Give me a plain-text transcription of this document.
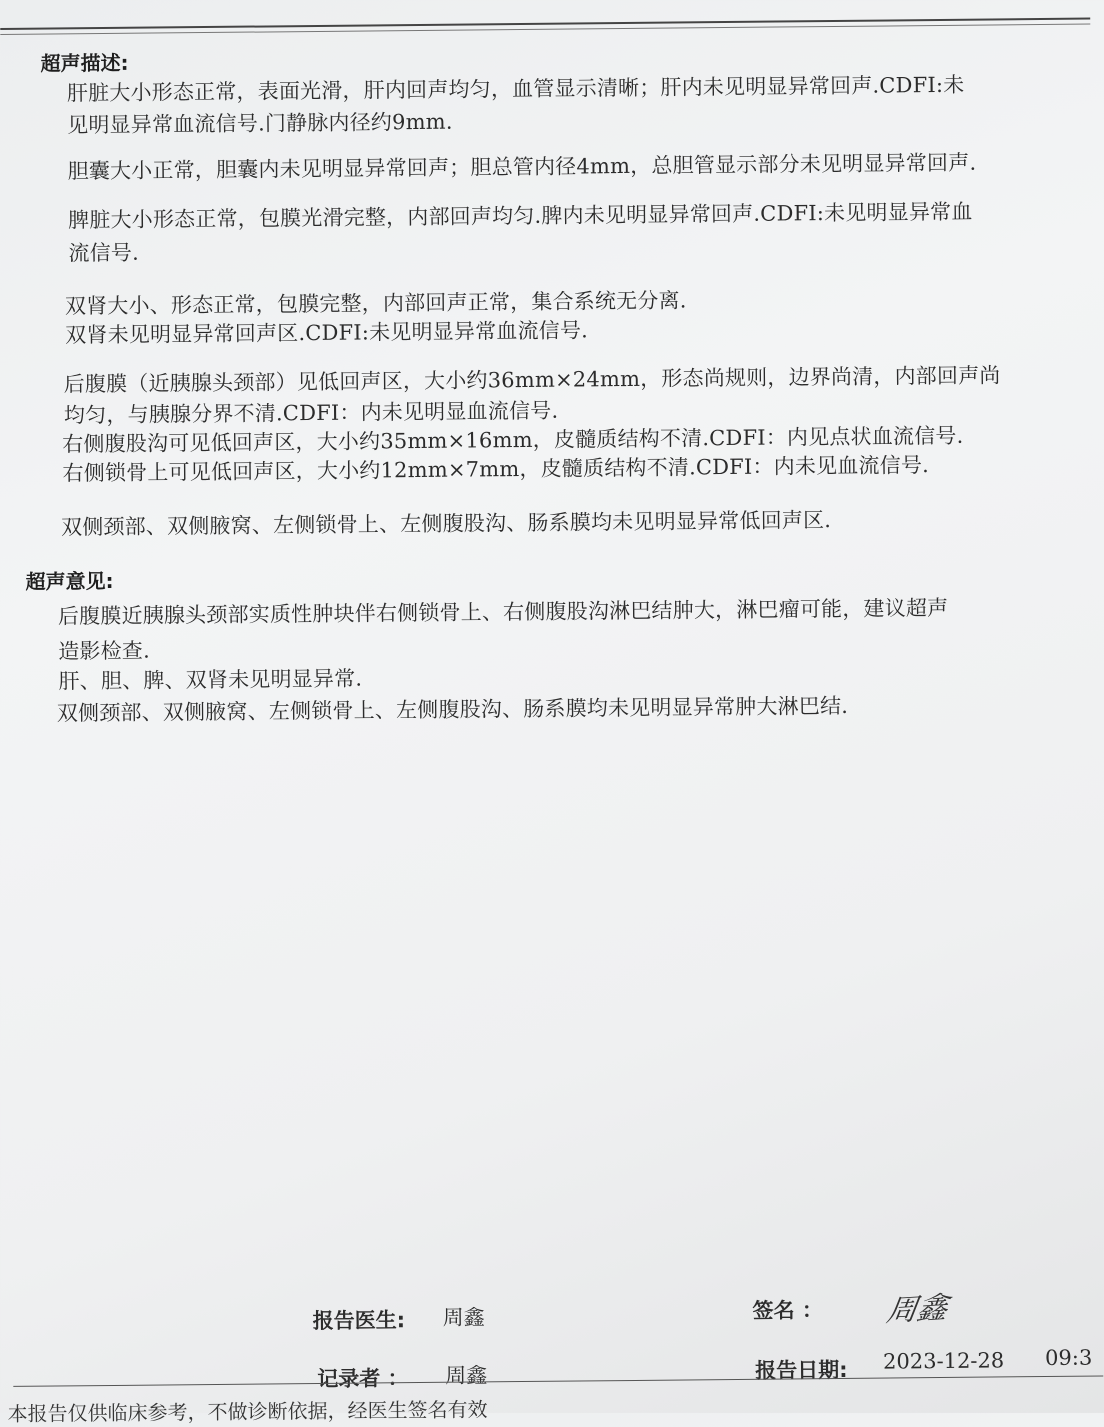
超声描述:
肝脏大小形态正常，表面光滑，肝内回声均匀，血管显示清晰；肝内未见明显异常回声.CDFI:未
见明显异常血流信号.门静脉内径约9mm.
胆囊大小正常，胆囊内未见明显异常回声；胆总管内径4mm，总胆管显示部分未见明显异常回声.
脾脏大小形态正常，包膜光滑完整，内部回声均匀.脾内未见明显异常回声.CDFI:未见明显异常血
流信号.
双肾大小、形态正常，包膜完整，内部回声正常，集合系统无分离.
双肾未见明显异常回声区.CDFI:未见明显异常血流信号.
后腹膜（近胰腺头颈部）见低回声区，大小约36mm×24mm，形态尚规则，边界尚清，内部回声尚
均匀，与胰腺分界不清.CDFI：内未见明显血流信号.
右侧腹股沟可见低回声区，大小约35mm×16mm，皮髓质结构不清.CDFI：内见点状血流信号.
右侧锁骨上可见低回声区，大小约12mm×7mm，皮髓质结构不清.CDFI：内未见血流信号.
双侧颈部、双侧腋窝、左侧锁骨上、左侧腹股沟、肠系膜均未见明显异常低回声区.
超声意见:
后腹膜近胰腺头颈部实质性肿块伴右侧锁骨上、右侧腹股沟淋巴结肿大，淋巴瘤可能，建议超声
造影检查.
肝、胆、脾、双肾未见明显异常.
双侧颈部、双侧腋窝、左侧锁骨上、左侧腹股沟、肠系膜均未见明显异常肿大淋巴结.
报告医生: 周鑫	签名 ： 周鑫
记录者 ： 周鑫	报告日期: 2023-12-28 09:3
本报告仅供临床参考，不做诊断依据，经医生签名有效
